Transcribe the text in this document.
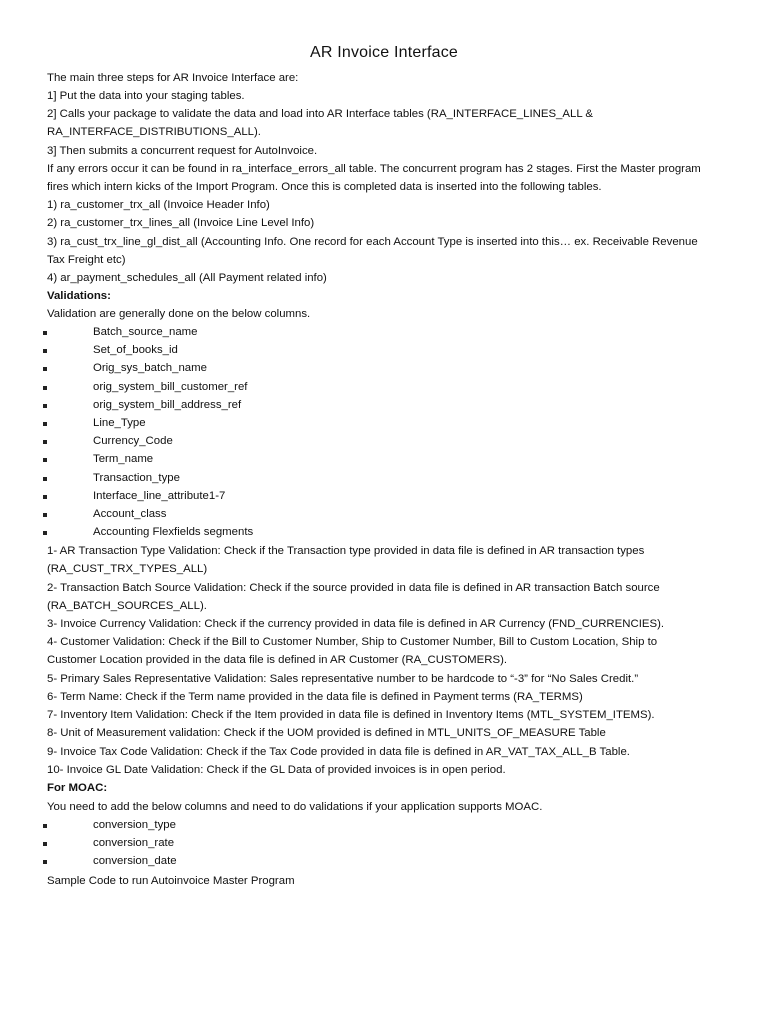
AR Invoice Interface
The main three steps for AR Invoice Interface are:
1] Put the data into your staging tables.
2] Calls your package to validate the data and load into AR Interface tables (RA_INTERFACE_LINES_ALL &
RA_INTERFACE_DISTRIBUTIONS_ALL).
3] Then submits a concurrent request for AutoInvoice.
If any errors occur it can be found in ra_interface_errors_all table. The concurrent program has 2 stages. First the Master program
fires which intern kicks of the Import Program. Once this is completed data is inserted into the following tables.
1) ra_customer_trx_all (Invoice Header Info)
2) ra_customer_trx_lines_all (Invoice Line Level Info)
3) ra_cust_trx_line_gl_dist_all (Accounting Info. One record for each Account Type is inserted into this… ex. Receivable Revenue
Tax Freight etc)
4) ar_payment_schedules_all (All Payment related info)
Validations:
Validation are generally done on the below columns.
Batch_source_name
Set_of_books_id
Orig_sys_batch_name
orig_system_bill_customer_ref
orig_system_bill_address_ref
Line_Type
Currency_Code
Term_name
Transaction_type
Interface_line_attribute1-7
Account_class
Accounting Flexfields segments
1- AR Transaction Type Validation: Check if the Transaction type provided in data file is defined in AR transaction types
(RA_CUST_TRX_TYPES_ALL)
2- Transaction Batch Source Validation: Check if the source provided in data file is defined in AR transaction Batch source
(RA_BATCH_SOURCES_ALL).
3- Invoice Currency Validation: Check if the currency provided in data file is defined in AR Currency (FND_CURRENCIES).
4- Customer Validation: Check if the Bill to Customer Number, Ship to Customer Number, Bill to Custom Location, Ship to
Customer Location provided in the data file is defined in AR Customer (RA_CUSTOMERS).
5- Primary Sales Representative Validation: Sales representative number to be hardcode to “-3” for “No Sales Credit.”
6- Term Name: Check if the Term name provided in the data file is defined in Payment terms (RA_TERMS)
7- Inventory Item Validation: Check if the Item provided in data file is defined in Inventory Items (MTL_SYSTEM_ITEMS).
8- Unit of Measurement validation: Check if the UOM provided is defined in MTL_UNITS_OF_MEASURE Table
9- Invoice Tax Code Validation: Check if the Tax Code provided in data file is defined in AR_VAT_TAX_ALL_B Table.
10- Invoice GL Date Validation: Check if the GL Data of provided invoices is in open period.
For MOAC:
You need to add the below columns and need to do validations if your application supports MOAC.
conversion_type
conversion_rate
conversion_date
Sample Code to run Autoinvoice Master Program
